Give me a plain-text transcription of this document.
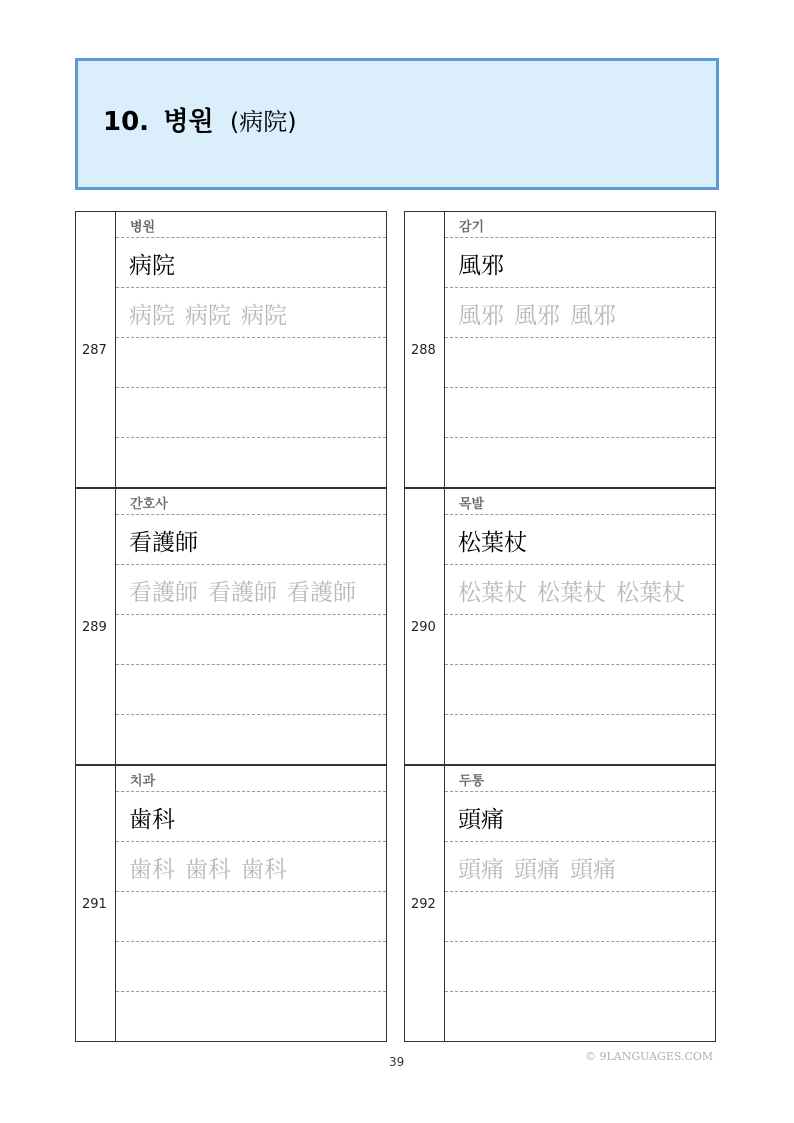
10. 병원 (病院)
287
병원
病院
病院 病院 病院
288
감기
風邪
風邪 風邪 風邪
289
간호사
看護師
看護師 看護師 看護師
290
목발
松葉杖
松葉杖 松葉杖 松葉杖
291
치과
歯科
歯科 歯科 歯科
292
두통
頭痛
頭痛 頭痛 頭痛
39	© 9LANGUAGES.COM
